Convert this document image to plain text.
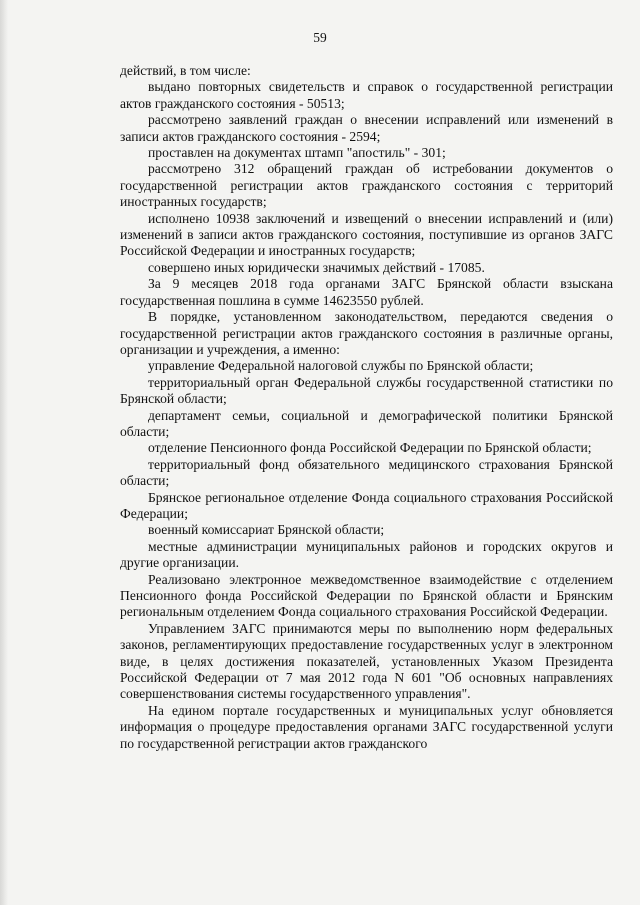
59

действий, в том числе:

выдано повторных свидетельств и справок о государственной регистрации актов гражданского состояния - 50513;

рассмотрено заявлений граждан о внесении исправлений или изменений в записи актов гражданского состояния - 2594;

проставлен на документах штамп "апостиль" - 301;

рассмотрено 312 обращений граждан об истребовании документов о государственной регистрации актов гражданского состояния с территорий иностранных государств;

исполнено 10938 заключений и извещений о внесении исправлений и (или) изменений в записи актов гражданского состояния, поступившие из органов ЗАГС Российской Федерации и иностранных государств;

совершено иных юридически значимых действий - 17085.

За 9 месяцев 2018 года органами ЗАГС Брянской области взыскана государственная пошлина в сумме 14623550 рублей.

В порядке, установленном законодательством, передаются сведения о государственной регистрации актов гражданского состояния в различные органы, организации и учреждения, а именно:

управление Федеральной налоговой службы по Брянской области;

территориальный орган Федеральной службы государственной статистики по Брянской области;

департамент семьи, социальной и демографической политики Брянской области;

отделение Пенсионного фонда Российской Федерации по Брянской области;

территориальный фонд обязательного медицинского страхования Брянской области;

Брянское региональное отделение Фонда социального страхования Российской Федерации;

военный комиссариат Брянской области;

местные администрации муниципальных районов и городских округов и другие организации.

Реализовано электронное межведомственное взаимодействие с отделением Пенсионного фонда Российской Федерации по Брянской области и Брянским региональным отделением Фонда социального страхования Российской Федерации.

Управлением ЗАГС принимаются меры по выполнению норм федеральных законов, регламентирующих предоставление государственных услуг в электронном виде, в целях достижения показателей, установленных Указом Президента Российской Федерации от 7 мая 2012 года N 601 "Об основных направлениях совершенствования системы государственного управления".

На едином портале государственных и муниципальных услуг обновляется информация о процедуре предоставления органами ЗАГС государственной услуги по государственной регистрации актов гражданского
